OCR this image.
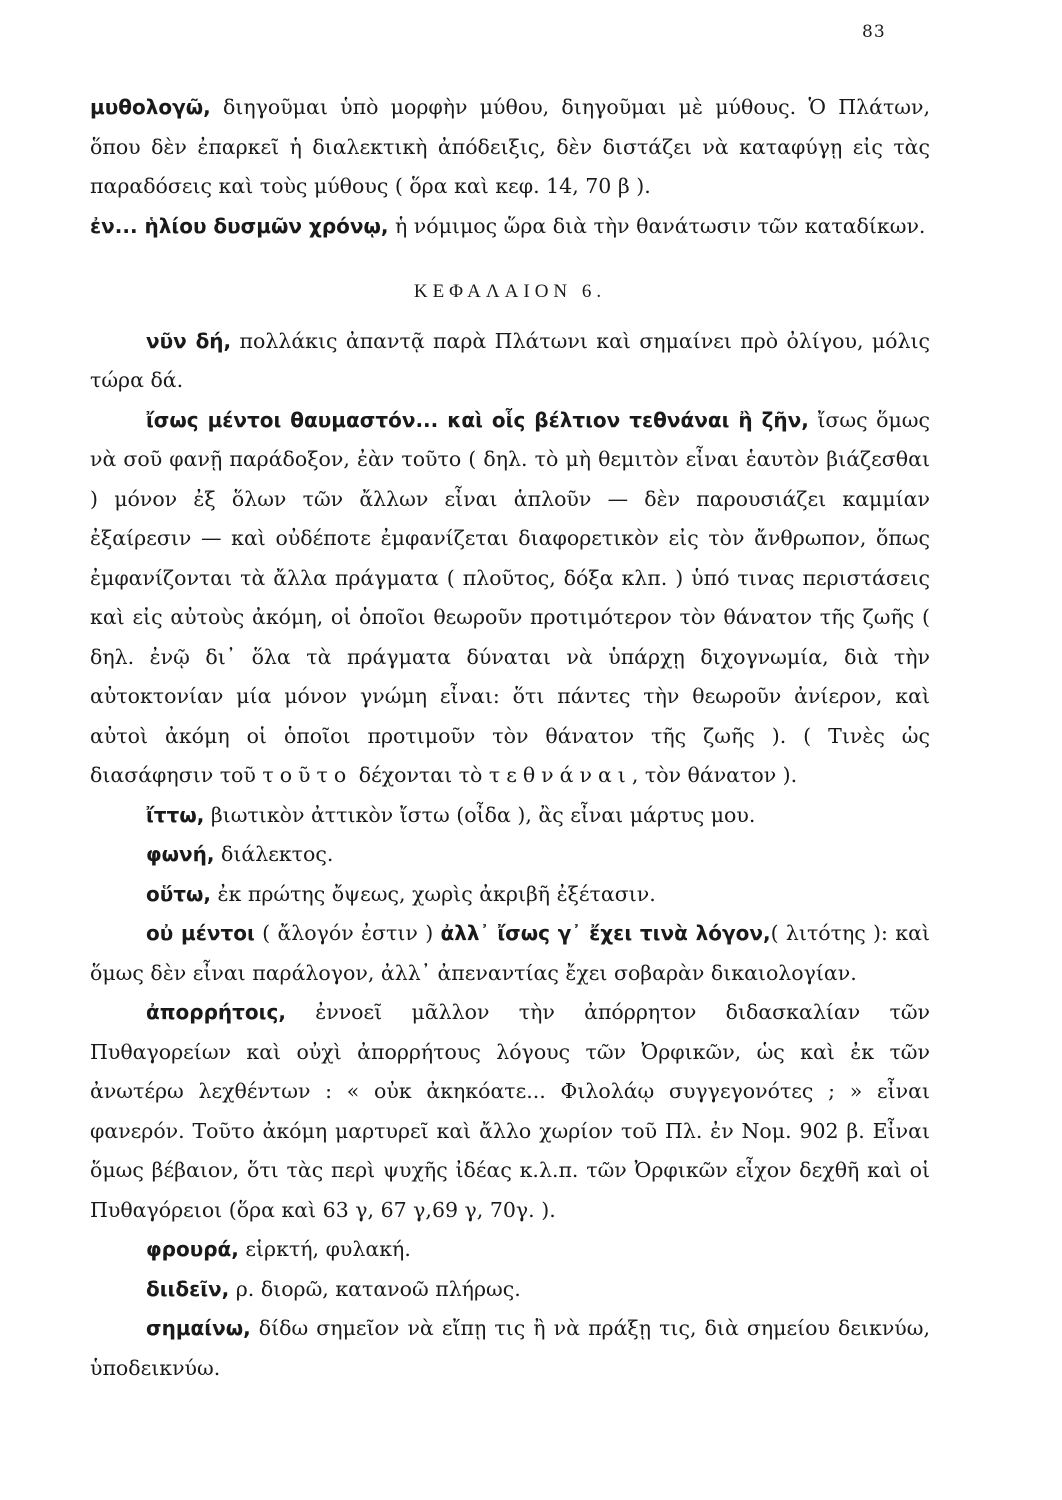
83

μυθολογῶ, διηγοῦμαι ὑπὸ μορφὴν μύθου, διηγοῦμαι μὲ μύθους. Ὁ Πλάτων, ὅπου δὲν ἐπαρκεῖ ἡ διαλεκτικὴ ἀπόδειξις, δὲν διστάζει νὰ καταφύγῃ εἰς τὰς παραδόσεις καὶ τοὺς μύθους ( ὅρα καὶ κεφ. 14, 70 β ).

ἐν... ἡλίου δυσμῶν χρόνῳ, ἡ νόμιμος ὥρα διὰ τὴν θανάτωσιν τῶν καταδίκων.

ΚΕΦΑΛΑΙΟΝ 6.

νῦν δή, πολλάκις ἀπαντᾷ παρὰ Πλάτωνι καὶ σημαίνει πρὸ ὀλίγου, μόλις τώρα δά.

ἴσως μέντοι θαυμαστόν... καὶ οἷς βέλτιον τεθνάναι ἢ ζῆν, ἴσως ὅμως νὰ σοῦ φανῇ παράδοξον, ἐὰν τοῦτο ( δηλ. τὸ μὴ θεμιτὸν εἶναι ἑαυτὸν βιάζεσθαι ) μόνον ἐξ ὅλων τῶν ἄλλων εἶναι ἁπλοῦν — δὲν παρουσιάζει καμμίαν ἐξαίρεσιν — καὶ οὐδέποτε ἐμφανίζεται διαφορετικὸν εἰς τὸν ἄνθρωπον, ὅπως ἐμφανίζονται τὰ ἄλλα πράγματα ( πλοῦτος, δόξα κλπ. ) ὑπό τινας περιστάσεις καὶ εἰς αὐτοὺς ἀκόμη, οἱ ὁποῖοι θεωροῦν προτιμότερον τὸν θάνατον τῆς ζωῆς ( δηλ. ἐνῷ δι᾽ ὅλα τὰ πράγματα δύναται νὰ ὑπάρχῃ διχογνωμία, διὰ τὴν αὐτοκτονίαν μία μόνον γνώμη εἶναι: ὅτι πάντες τὴν θεωροῦν ἀνίερον, καὶ αὐτοὶ ἀκόμη οἱ ὁποῖοι προτιμοῦν τὸν θάνατον τῆς ζωῆς ). ( Τινὲς ὡς διασάφησιν τοῦ τοῦτο δέχονται τὸ τεθνάναι, τὸν θάνατον ).

ἴττω, βιωτικὸν ἀττικὸν ἴστω (οἶδα ), ἂς εἶναι μάρτυς μου.

φωνή, διάλεκτος.

οὕτω, ἐκ πρώτης ὄψεως, χωρὶς ἀκριβῆ ἐξέτασιν.

οὐ μέντοι ( ἄλογόν ἐστιν ) ἀλλ᾽ ἴσως γ᾽ ἔχει τινὰ λόγον,( λιτότης ): καὶ ὅμως δὲν εἶναι παράλογον, ἀλλ᾽ ἀπεναντίας ἔχει σοβαρὰν δικαιολογίαν.

ἀπορρήτοις, ἐννοεῖ μᾶλλον τὴν ἀπόρρητον διδασκαλίαν τῶν Πυθαγορείων καὶ οὐχὶ ἀπορρήτους λόγους τῶν Ὀρφικῶν, ὡς καὶ ἐκ τῶν ἀνωτέρω λεχθέντων : « οὐκ ἀκηκόατε... Φιλολάῳ συγγεγονότες ; » εἶναι φανερόν. Τοῦτο ἀκόμη μαρτυρεῖ καὶ ἄλλο χωρίον τοῦ Πλ. ἐν Νομ. 902 β. Εἶναι ὅμως βέβαιον, ὅτι τὰς περὶ ψυχῆς ἰδέας κ.λ.π. τῶν Ὀρφικῶν εἶχον δεχθῆ καὶ οἱ Πυθαγόρειοι (ὅρα καὶ 63 γ, 67 γ,69 γ, 70γ. ).

φρουρά, εἱρκτή, φυλακή.

διιδεῖν, ρ. διορῶ, κατανοῶ πλήρως.

σημαίνω, δίδω σημεῖον νὰ εἴπῃ τις ἢ νὰ πράξῃ τις, διὰ σημείου δεικνύω, ὑποδεικνύω.
